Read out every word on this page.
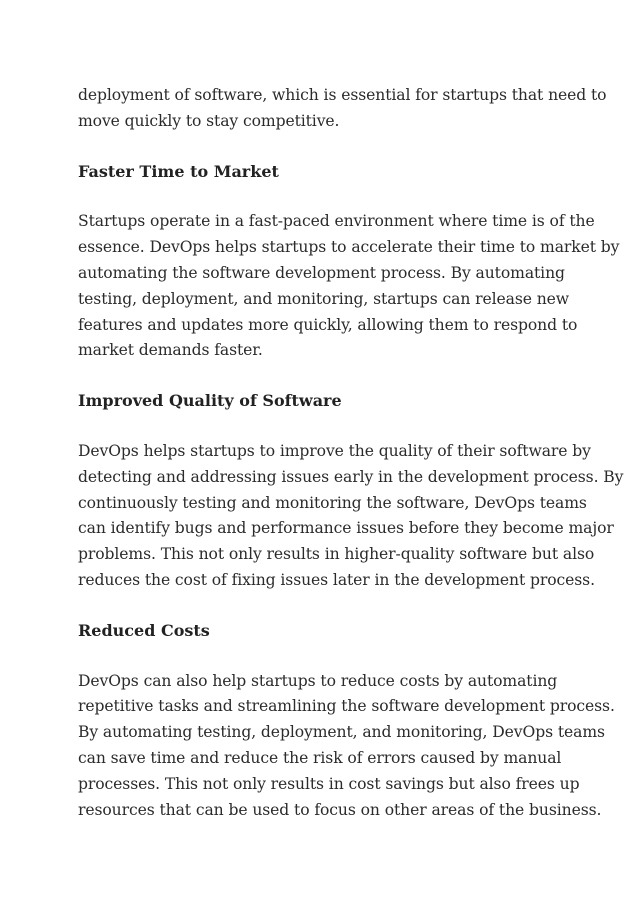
deployment of software, which is essential for startups that need to
move quickly to stay competitive.

Faster Time to Market

Startups operate in a fast-paced environment where time is of the
essence. DevOps helps startups to accelerate their time to market by
automating the software development process. By automating
testing, deployment, and monitoring, startups can release new
features and updates more quickly, allowing them to respond to
market demands faster.

Improved Quality of Software

DevOps helps startups to improve the quality of their software by
detecting and addressing issues early in the development process. By
continuously testing and monitoring the software, DevOps teams
can identify bugs and performance issues before they become major
problems. This not only results in higher-quality software but also
reduces the cost of fixing issues later in the development process.

Reduced Costs

DevOps can also help startups to reduce costs by automating
repetitive tasks and streamlining the software development process.
By automating testing, deployment, and monitoring, DevOps teams
can save time and reduce the risk of errors caused by manual
processes. This not only results in cost savings but also frees up
resources that can be used to focus on other areas of the business.
